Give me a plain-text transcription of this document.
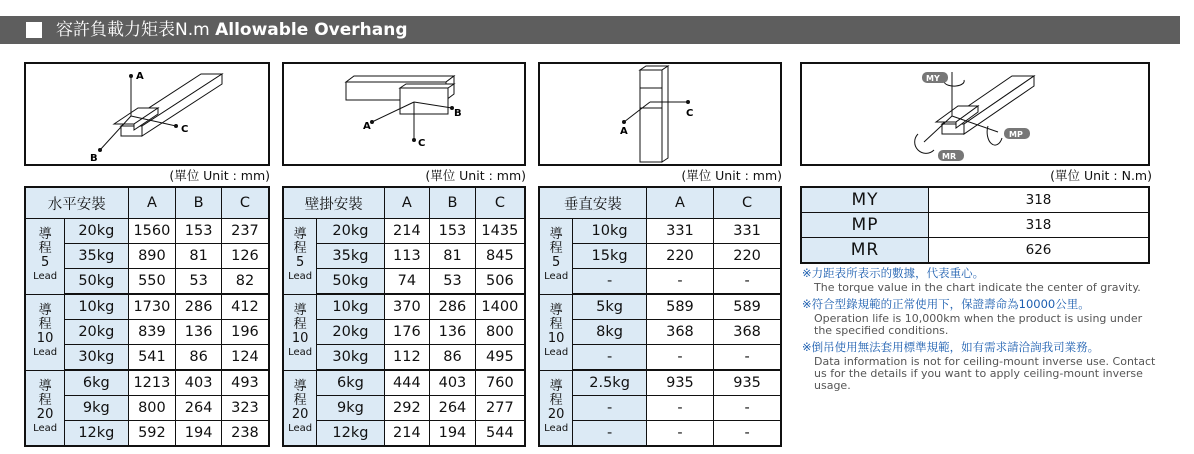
容許負載力矩表N.m Allowable Overhang
A
B
C
(單位 Unit : mm)
A
B
C
(單位 Unit : mm)
A
C
(單位 Unit : mm)
MY
MP
MR
(單位 Unit : N.m)
水平安裝		A	B	C

導程
5
Lead	20kg	1560	153	237
	35kg	890	81	126
	50kg	550	53	82

導程
10
Lead	10kg	1730	286	412
	20kg	839	136	196
	30kg	541	86	124

導程
20
Lead	6kg	1213	403	493
	9kg	800	264	323
	12kg	592	194	238
壁掛安裝		A	B	C

導程
5
Lead	20kg	214	153	1435
	35kg	113	81	845
	50kg	74	53	506

導程
10
Lead	10kg	370	286	1400
	20kg	176	136	800
	30kg	112	86	495

導程
20
Lead	6kg	444	403	760
	9kg	292	264	277
	12kg	214	194	544
垂直安裝		A	C

導程
5
Lead	10kg	331	331
	15kg	220	220
	-	-	-

導程
10
Lead	5kg	589	589
	8kg	368	368
	-	-	-

導程
20
Lead	2.5kg	935	935
	-	-	-
	-	-	-
MY	318
MP	318
MR	626
※力距表所表示的數據，代表重心。
The torque value in the chart indicate the center of gravity.
※符合型錄規範的正常使用下，保證壽命為10000公里。
Operation life is 10,000km when the product is using under the specified conditions.
※倒吊使用無法套用標準規範，如有需求請洽詢我司業務。
Data information is not for ceiling-mount inverse use. Contact us for the details if you want to apply ceiling-mount inverse usage.
